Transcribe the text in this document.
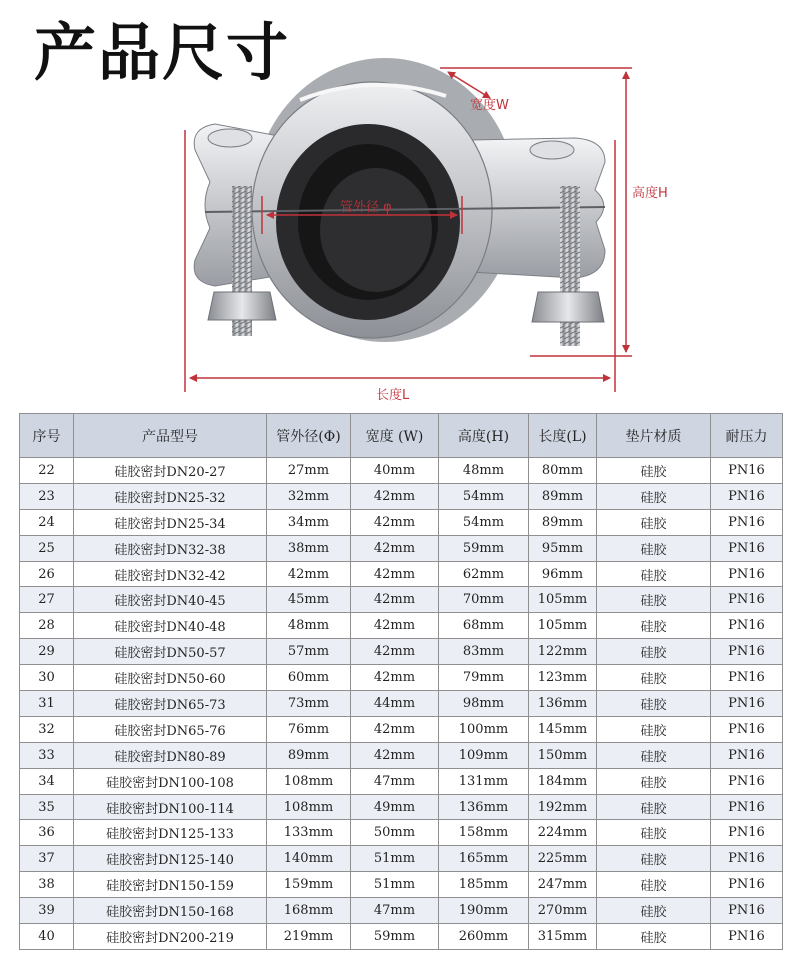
产品尺寸
宽度W
高度H
管外径 φ
长度L
序号	产品型号	管外径(Φ)	宽度 (W)	高度(H)	长度(L)	垫片材质	耐压力
22	硅胶密封DN20-27	27mm	40mm	48mm	80mm	硅胶	PN16
23	硅胶密封DN25-32	32mm	42mm	54mm	89mm	硅胶	PN16
24	硅胶密封DN25-34	34mm	42mm	54mm	89mm	硅胶	PN16
25	硅胶密封DN32-38	38mm	42mm	59mm	95mm	硅胶	PN16
26	硅胶密封DN32-42	42mm	42mm	62mm	96mm	硅胶	PN16
27	硅胶密封DN40-45	45mm	42mm	70mm	105mm	硅胶	PN16
28	硅胶密封DN40-48	48mm	42mm	68mm	105mm	硅胶	PN16
29	硅胶密封DN50-57	57mm	42mm	83mm	122mm	硅胶	PN16
30	硅胶密封DN50-60	60mm	42mm	79mm	123mm	硅胶	PN16
31	硅胶密封DN65-73	73mm	44mm	98mm	136mm	硅胶	PN16
32	硅胶密封DN65-76	76mm	42mm	100mm	145mm	硅胶	PN16
33	硅胶密封DN80-89	89mm	42mm	109mm	150mm	硅胶	PN16
34	硅胶密封DN100-108	108mm	47mm	131mm	184mm	硅胶	PN16
35	硅胶密封DN100-114	108mm	49mm	136mm	192mm	硅胶	PN16
36	硅胶密封DN125-133	133mm	50mm	158mm	224mm	硅胶	PN16
37	硅胶密封DN125-140	140mm	51mm	165mm	225mm	硅胶	PN16
38	硅胶密封DN150-159	159mm	51mm	185mm	247mm	硅胶	PN16
39	硅胶密封DN150-168	168mm	47mm	190mm	270mm	硅胶	PN16
40	硅胶密封DN200-219	219mm	59mm	260mm	315mm	硅胶	PN16
